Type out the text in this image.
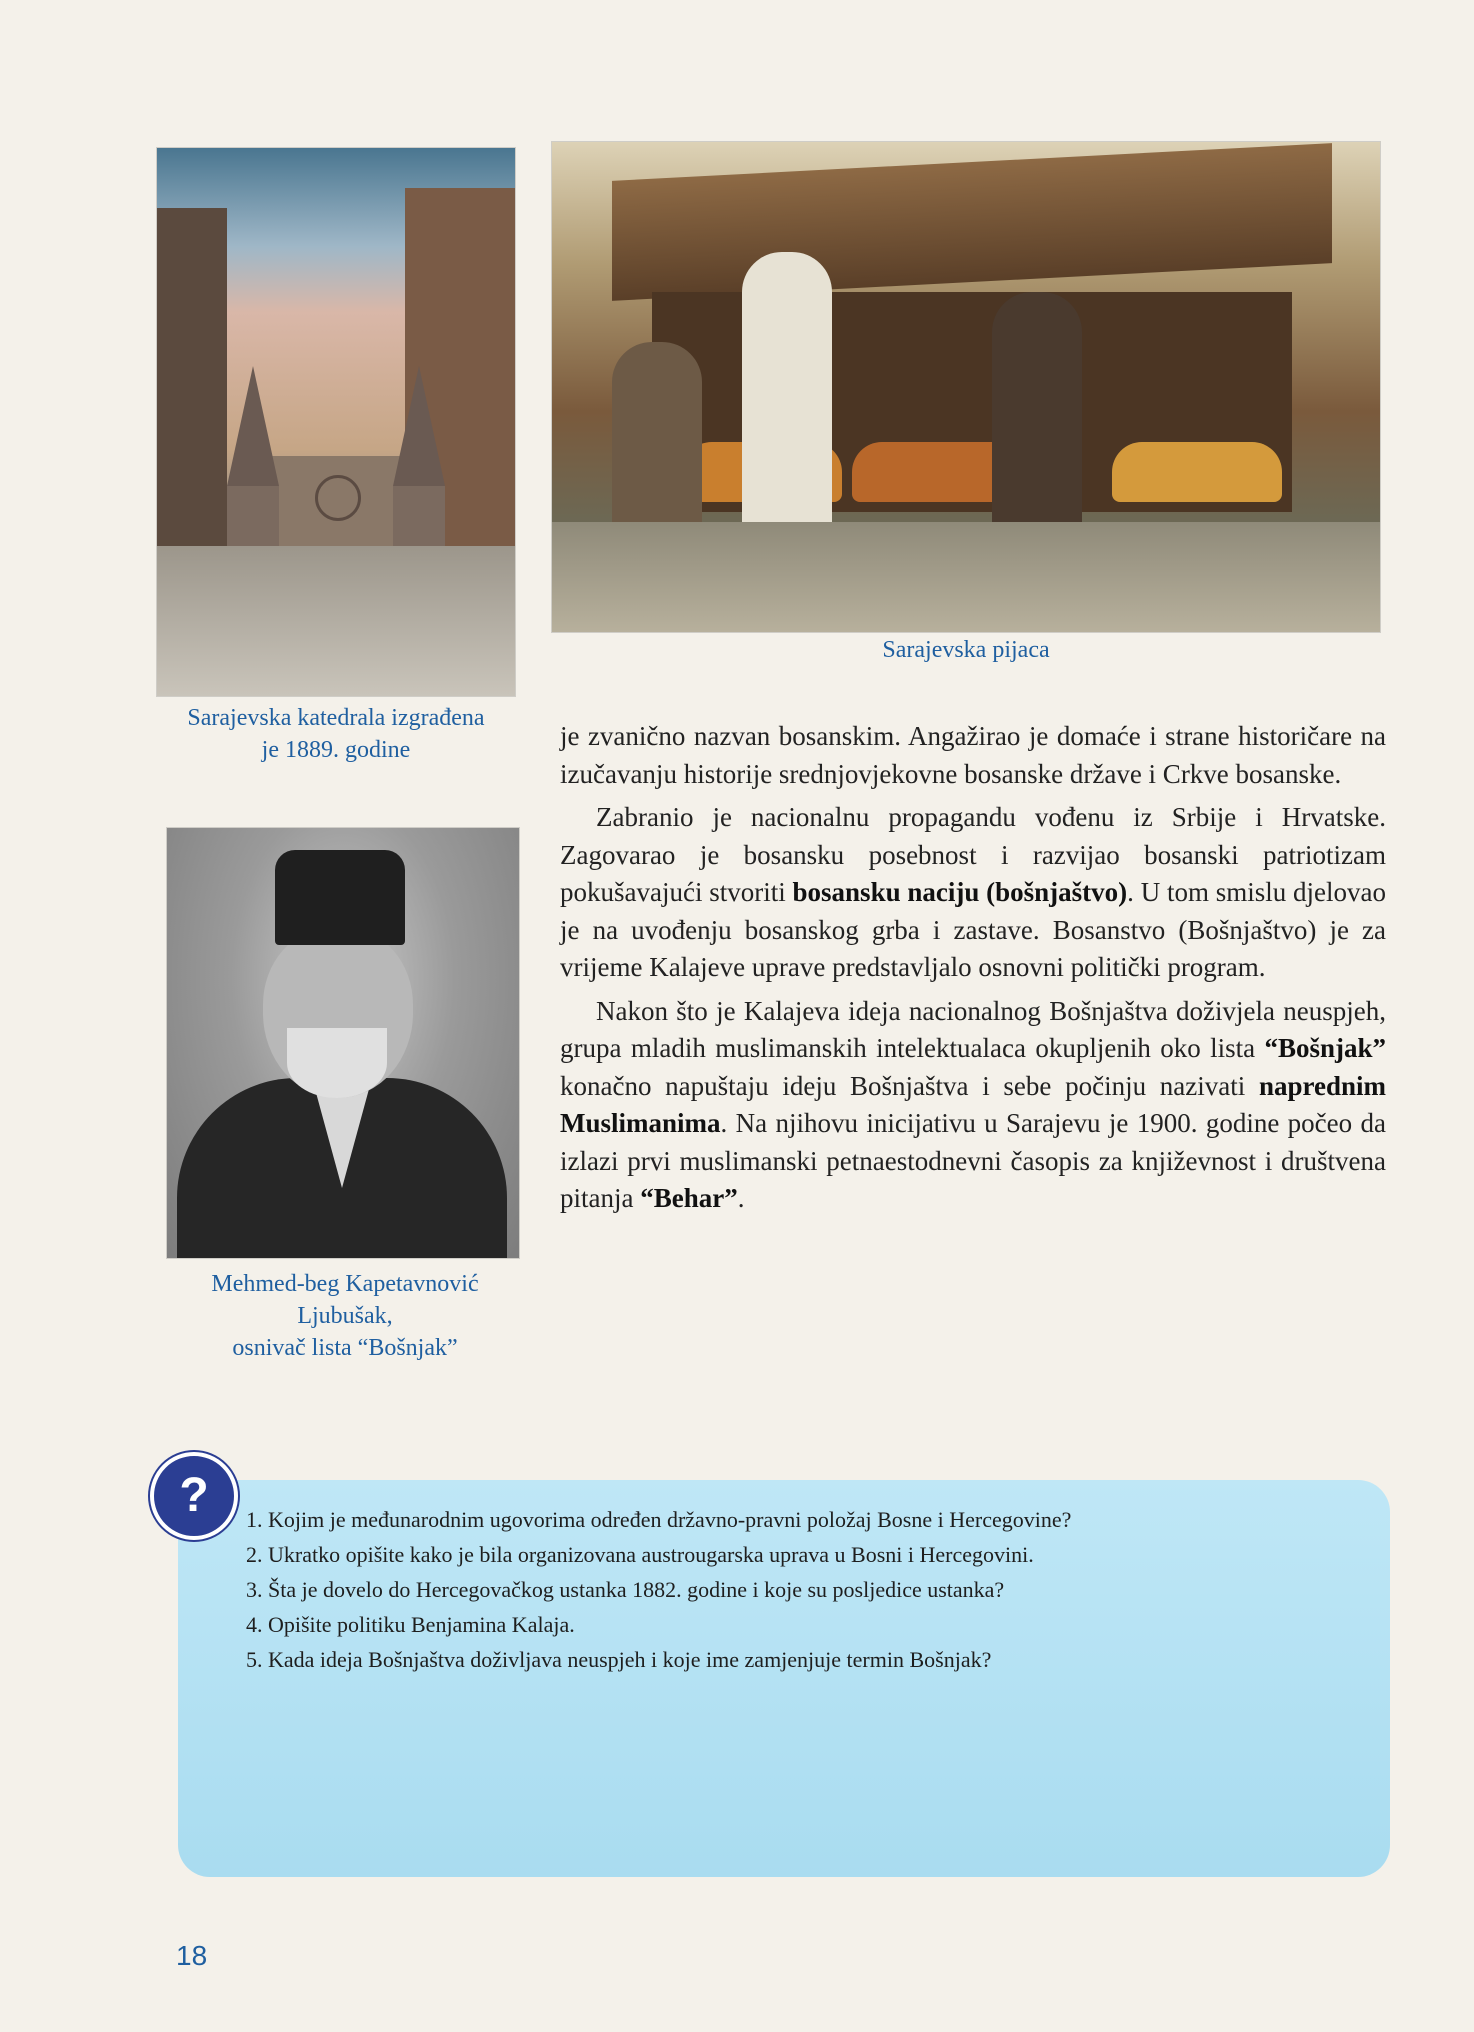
Sarajevska pijaca
Sarajevska katedrala izgrađena
je 1889. godine
Mehmed-beg Kapetavnović
Ljubušak,
osnivač lista “Bošnjak”

je zvanično nazvan bosanskim. Angažirao je domaće i strane historičare na izučavanju historije srednjovjekovne bosanske države i Crkve bosanske.

Zabranio je nacionalnu propagandu vođenu iz Srbije i Hrvatske. Zagovarao je bosansku posebnost i razvijao bosanski patriotizam pokušavajući stvoriti bosansku naciju (bošnjaštvo). U tom smislu djelovao je na uvođenju bosanskog grba i zastave. Bosanstvo (Bošnjaštvo) je za vrijeme Kalajeve uprave predstavljalo osnovni politički program.

Nakon što je Kalajeva ideja nacionalnog Bošnjaštva doživjela neuspjeh, grupa mladih muslimanskih intelektualaca okupljenih oko lista “Bošnjak” konačno napuštaju ideju Bošnjaštva i sebe počinju nazivati naprednim Muslimanima. Na njihovu inicijativu u Sarajevu je 1900. godine počeo da izlazi prvi muslimanski petnaestodnevni časopis za književnost i društvena pitanja “Behar”.

?	1. Kojim je međunarodnim ugovorima određen državno-pravni položaj Bosne i Hercegovine?
2. Ukratko opišite kako je bila organizovana austrougarska uprava u Bosni i Hercegovini.
3. Šta je dovelo do Hercegovačkog ustanka 1882. godine i koje su posljedice ustanka?
4. Opišite politiku Benjamina Kalaja.
5. Kada ideja Bošnjaštva doživljava neuspjeh i koje ime zamjenjuje termin Bošnjak?
18
